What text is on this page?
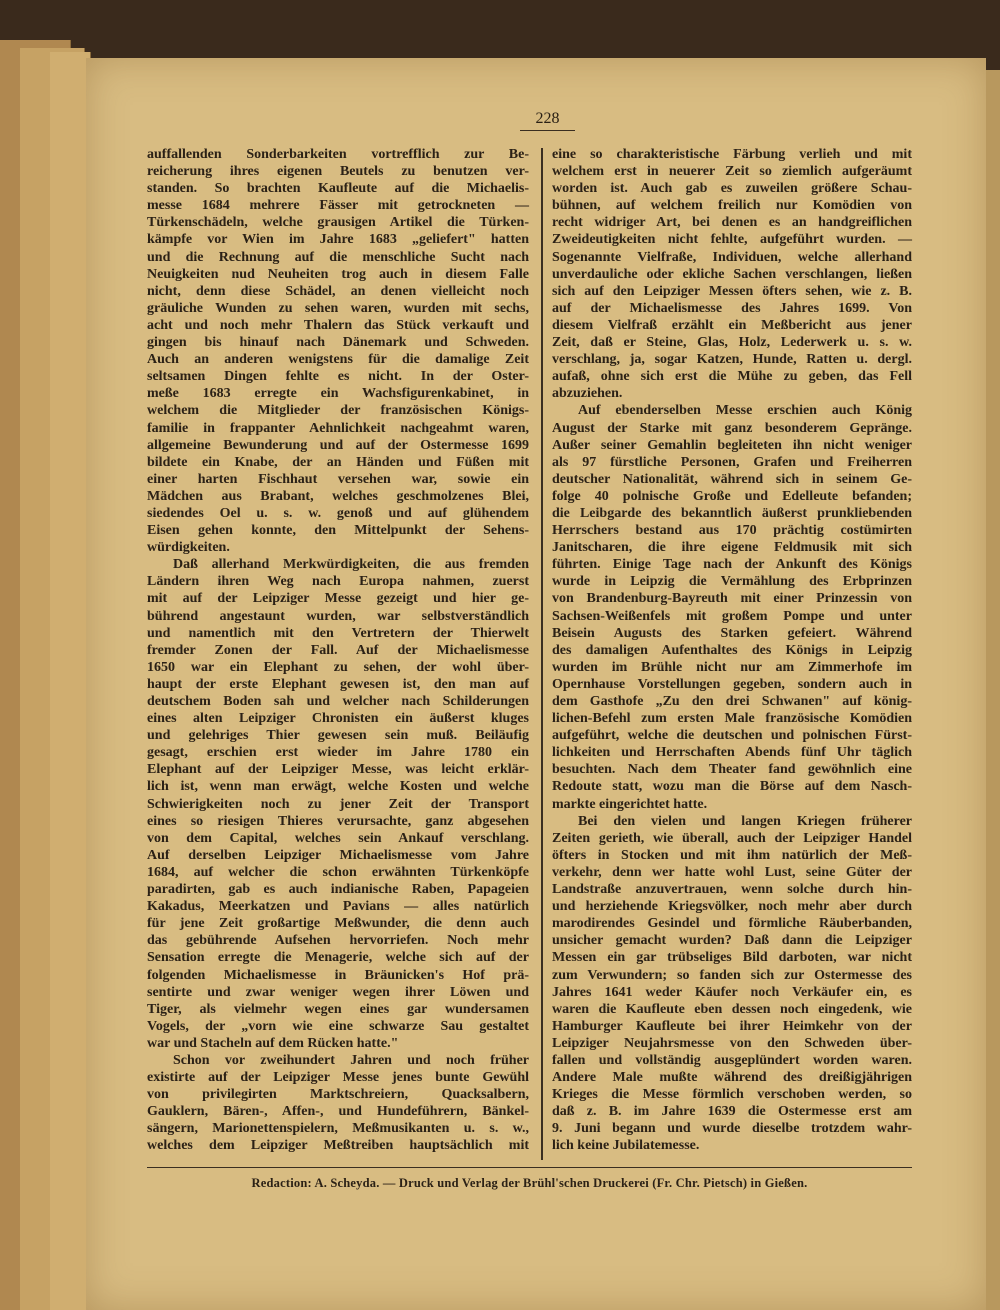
228
auffallenden Sonderbarkeiten vortrefflich zur Be-
reicherung ihres eigenen Beutels zu benutzen ver-
standen. So brachten Kaufleute auf die Michaelis-
messe 1684 mehrere Fässer mit getrockneten —
Türkenschädeln, welche grausigen Artikel die Türken-
kämpfe vor Wien im Jahre 1683 „geliefert" hatten
und die Rechnung auf die menschliche Sucht nach
Neuigkeiten nud Neuheiten trog auch in diesem Falle
nicht, denn diese Schädel, an denen vielleicht noch
gräuliche Wunden zu sehen waren, wurden mit sechs,
acht und noch mehr Thalern das Stück verkauft und
gingen bis hinauf nach Dänemark und Schweden.
Auch an anderen wenigstens für die damalige Zeit
seltsamen Dingen fehlte es nicht. In der Oster-
meße 1683 erregte ein Wachsfigurenkabinet, in
welchem die Mitglieder der französischen Königs-
familie in frappanter Aehnlichkeit nachgeahmt waren,
allgemeine Bewunderung und auf der Ostermesse 1699
bildete ein Knabe, der an Händen und Füßen mit
einer harten Fischhaut versehen war, sowie ein
Mädchen aus Brabant, welches geschmolzenes Blei,
siedendes Oel u. s. w. genoß und auf glühendem
Eisen gehen konnte, den Mittelpunkt der Sehens-
würdigkeiten.
Daß allerhand Merkwürdigkeiten, die aus fremden
Ländern ihren Weg nach Europa nahmen, zuerst
mit auf der Leipziger Messe gezeigt und hier ge-
bührend angestaunt wurden, war selbstverständlich
und namentlich mit den Vertretern der Thierwelt
fremder Zonen der Fall. Auf der Michaelismesse
1650 war ein Elephant zu sehen, der wohl über-
haupt der erste Elephant gewesen ist, den man auf
deutschem Boden sah und welcher nach Schilderungen
eines alten Leipziger Chronisten ein äußerst kluges
und gelehriges Thier gewesen sein muß. Beiläufig
gesagt, erschien erst wieder im Jahre 1780 ein
Elephant auf der Leipziger Messe, was leicht erklär-
lich ist, wenn man erwägt, welche Kosten und welche
Schwierigkeiten noch zu jener Zeit der Transport
eines so riesigen Thieres verursachte, ganz abgesehen
von dem Capital, welches sein Ankauf verschlang.
Auf derselben Leipziger Michaelismesse vom Jahre
1684, auf welcher die schon erwähnten Türkenköpfe
paradirten, gab es auch indianische Raben, Papageien
Kakadus, Meerkatzen und Pavians — alles natürlich
für jene Zeit großartige Meßwunder, die denn auch
das gebührende Aufsehen hervorriefen. Noch mehr
Sensation erregte die Menagerie, welche sich auf der
folgenden Michaelismesse in Bräunicken's Hof prä-
sentirte und zwar weniger wegen ihrer Löwen und
Tiger, als vielmehr wegen eines gar wundersamen
Vogels, der „vorn wie eine schwarze Sau gestaltet
war und Stacheln auf dem Rücken hatte."
Schon vor zweihundert Jahren und noch früher
existirte auf der Leipziger Messe jenes bunte Gewühl
von privilegirten Marktschreiern, Quacksalbern,
Gauklern, Bären-, Affen-, und Hundeführern, Bänkel-
sängern, Marionettenspielern, Meßmusikanten u. s. w.,
welches dem Leipziger Meßtreiben hauptsächlich mit
eine so charakteristische Färbung verlieh und mit
welchem erst in neuerer Zeit so ziemlich aufgeräumt
worden ist. Auch gab es zuweilen größere Schau-
bühnen, auf welchem freilich nur Komödien von
recht widriger Art, bei denen es an handgreiflichen
Zweideutigkeiten nicht fehlte, aufgeführt wurden. —
Sogenannte Vielfraße, Individuen, welche allerhand
unverdauliche oder ekliche Sachen verschlangen, ließen
sich auf den Leipziger Messen öfters sehen, wie z. B.
auf der Michaelismesse des Jahres 1699. Von
diesem Vielfraß erzählt ein Meßbericht aus jener
Zeit, daß er Steine, Glas, Holz, Lederwerk u. s. w.
verschlang, ja, sogar Katzen, Hunde, Ratten u. dergl.
aufaß, ohne sich erst die Mühe zu geben, das Fell
abzuziehen.
Auf ebenderselben Messe erschien auch König
August der Starke mit ganz besonderem Gepränge.
Außer seiner Gemahlin begleiteten ihn nicht weniger
als 97 fürstliche Personen, Grafen und Freiherren
deutscher Nationalität, während sich in seinem Ge-
folge 40 polnische Große und Edelleute befanden;
die Leibgarde des bekanntlich äußerst prunkliebenden
Herrschers bestand aus 170 prächtig costümirten
Janitscharen, die ihre eigene Feldmusik mit sich
führten. Einige Tage nach der Ankunft des Königs
wurde in Leipzig die Vermählung des Erbprinzen
von Brandenburg-Bayreuth mit einer Prinzessin von
Sachsen-Weißenfels mit großem Pompe und unter
Beisein Augusts des Starken gefeiert. Während
des damaligen Aufenthaltes des Königs in Leipzig
wurden im Brühle nicht nur am Zimmerhofe im
Opernhause Vorstellungen gegeben, sondern auch in
dem Gasthofe „Zu den drei Schwanen" auf könig-
lichen-Befehl zum ersten Male französische Komödien
aufgeführt, welche die deutschen und polnischen Fürst-
lichkeiten und Herrschaften Abends fünf Uhr täglich
besuchten. Nach dem Theater fand gewöhnlich eine
Redoute statt, wozu man die Börse auf dem Nasch-
markte eingerichtet hatte.
Bei den vielen und langen Kriegen früherer
Zeiten gerieth, wie überall, auch der Leipziger Handel
öfters in Stocken und mit ihm natürlich der Meß-
verkehr, denn wer hatte wohl Lust, seine Güter der
Landstraße anzuvertrauen, wenn solche durch hin-
und herziehende Kriegsvölker, noch mehr aber durch
marodirendes Gesindel und förmliche Räuberbanden,
unsicher gemacht wurden? Daß dann die Leipziger
Messen ein gar trübseliges Bild darboten, war nicht
zum Verwundern; so fanden sich zur Ostermesse des
Jahres 1641 weder Käufer noch Verkäufer ein, es
waren die Kaufleute eben dessen noch eingedenk, wie
Hamburger Kaufleute bei ihrer Heimkehr von der
Leipziger Neujahrsmesse von den Schweden über-
fallen und vollständig ausgeplündert worden waren.
Andere Male mußte während des dreißigjährigen
Krieges die Messe förmlich verschoben werden, so
daß z. B. im Jahre 1639 die Ostermesse erst am
9. Juni begann und wurde dieselbe trotzdem wahr-
lich keine Jubilatemesse.
Redaction: A. Scheyda. — Druck und Verlag der Brühl'schen Druckerei (Fr. Chr. Pietsch) in Gießen.
